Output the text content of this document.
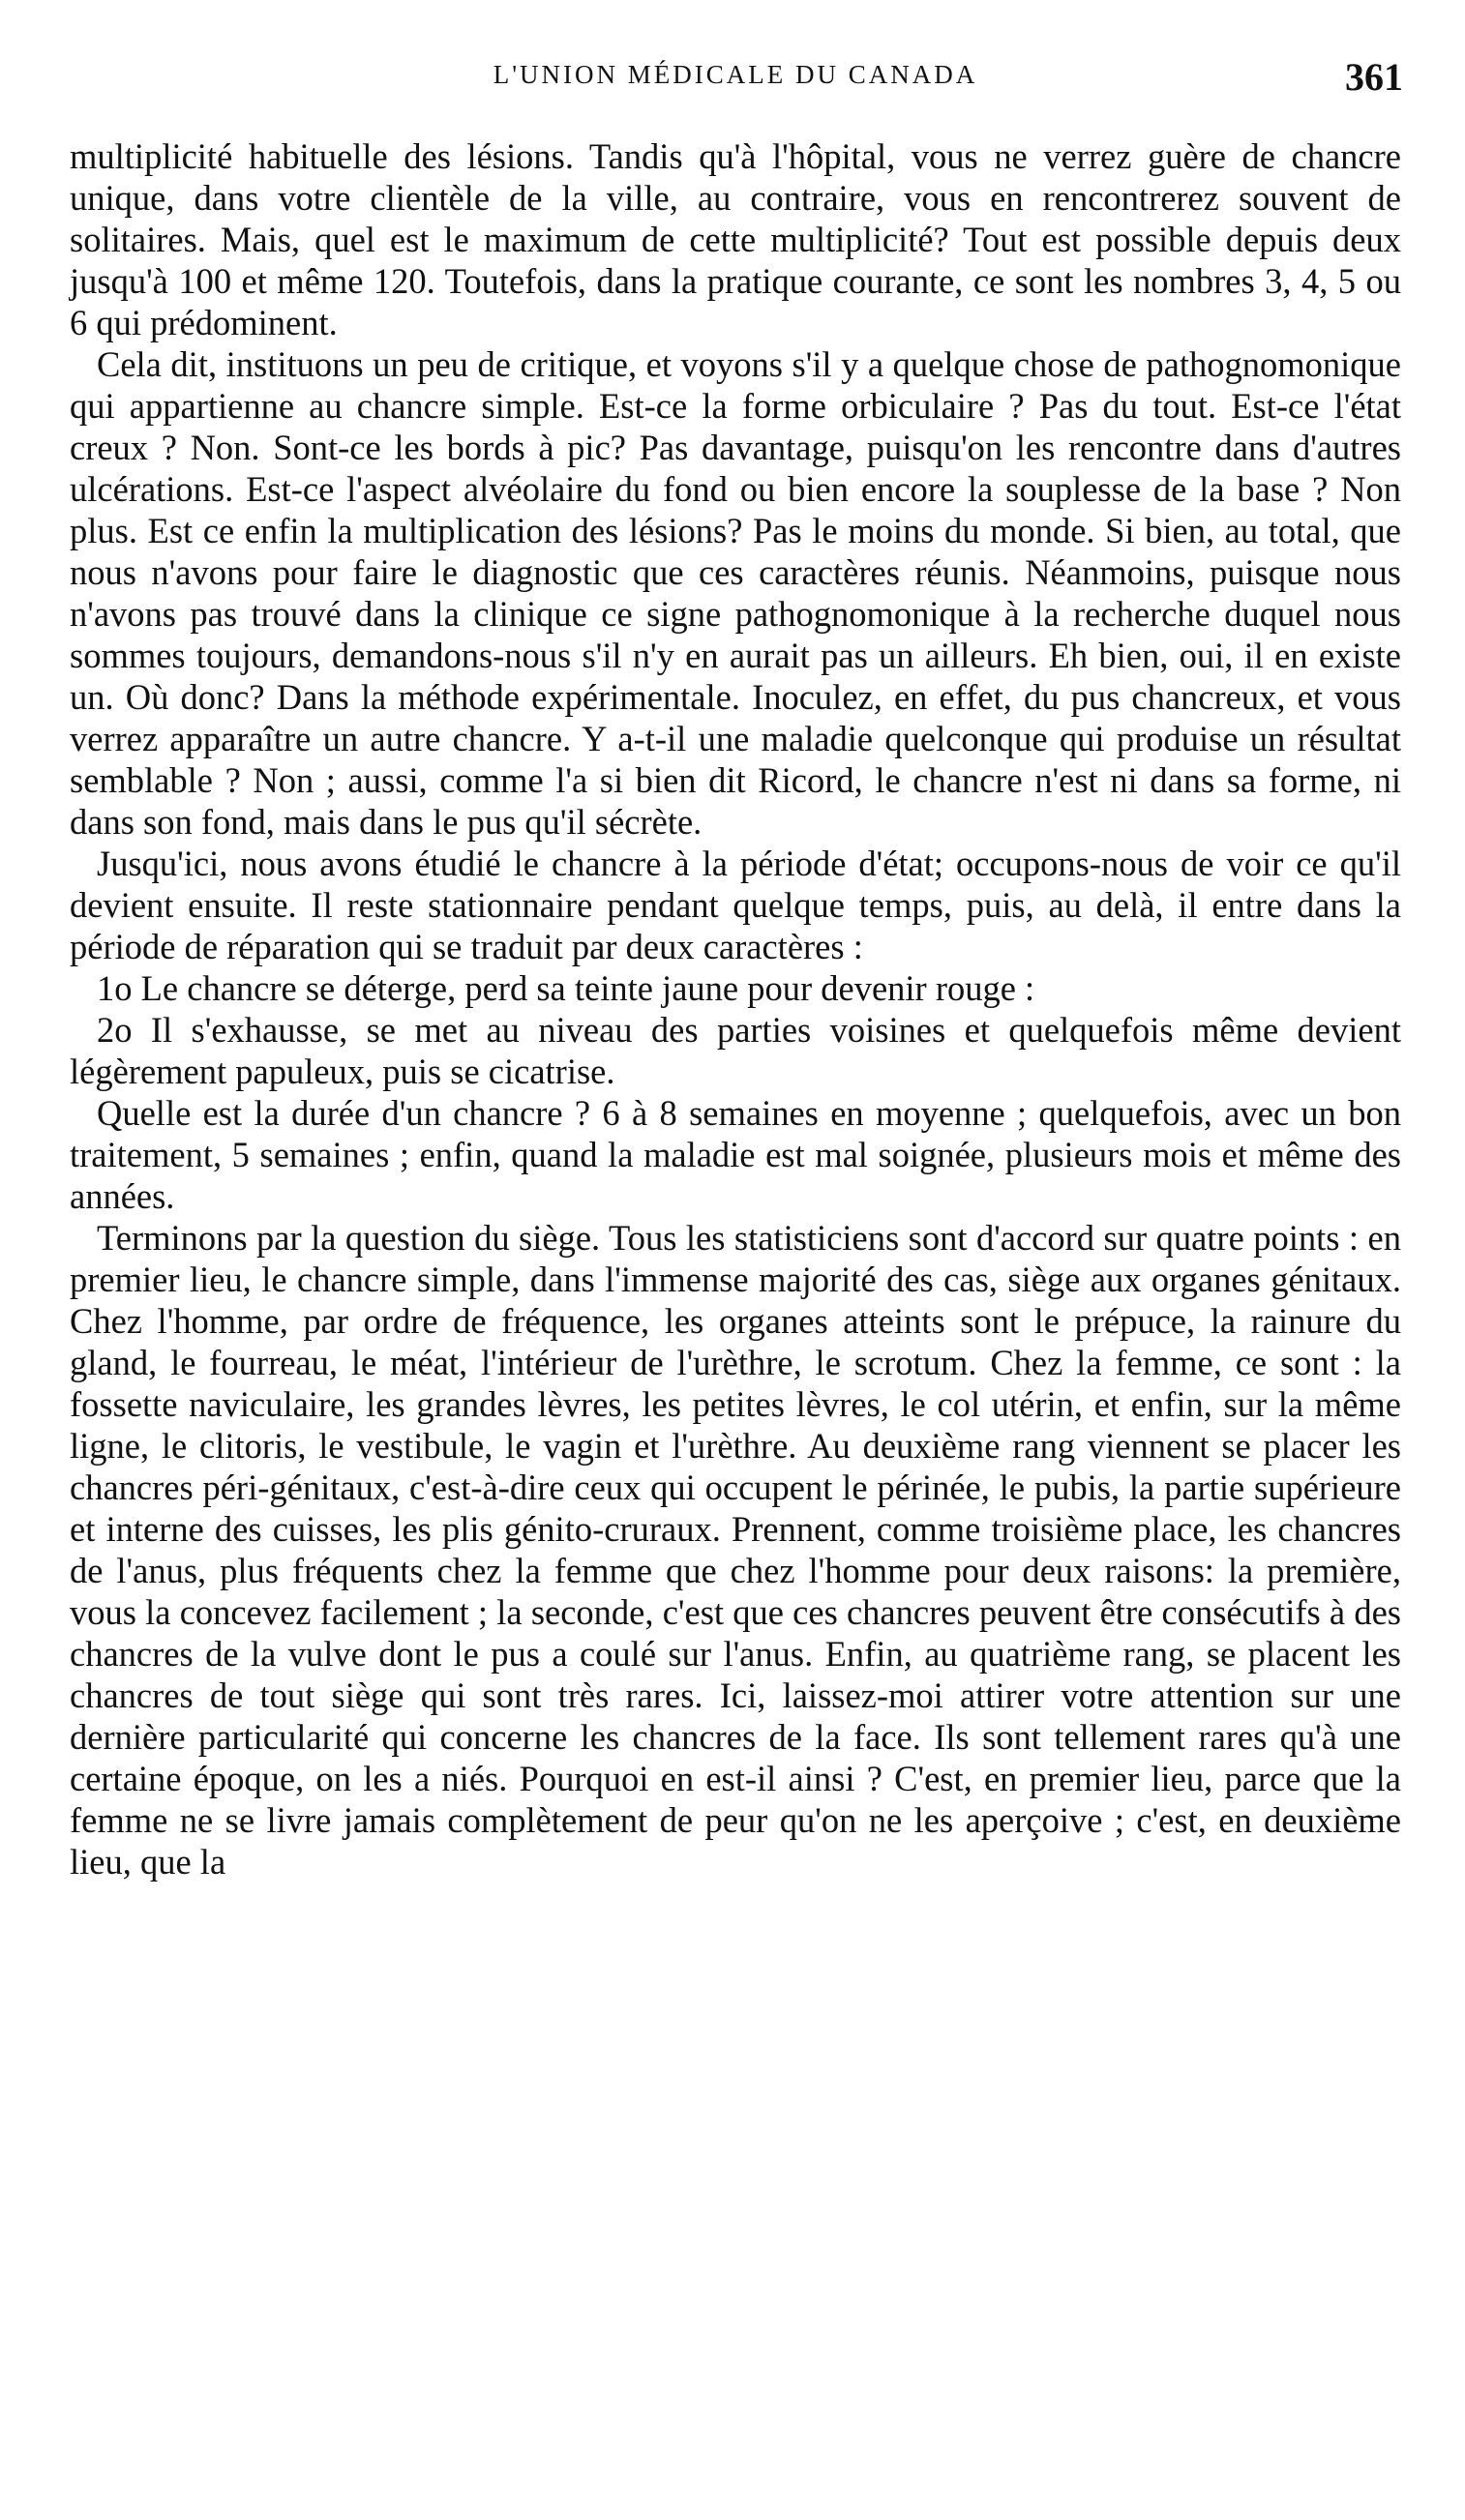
L'UNION MÉDICALE DU CANADA	361

multiplicité habituelle des lésions. Tandis qu'à l'hôpital, vous ne verrez guère de chancre unique, dans votre clientèle de la ville, au contraire, vous en rencontrerez souvent de solitaires. Mais, quel est le maximum de cette multiplicité? Tout est possible depuis deux jusqu'à 100 et même 120. Toutefois, dans la pratique courante, ce sont les nombres 3, 4, 5 ou 6 qui prédominent.

Cela dit, instituons un peu de critique, et voyons s'il y a quelque chose de pathognomonique qui appartienne au chancre simple. Est-ce la forme orbiculaire ? Pas du tout. Est-ce l'état creux ? Non. Sont-ce les bords à pic? Pas davantage, puisqu'on les rencontre dans d'autres ulcérations. Est-ce l'aspect alvéolaire du fond ou bien encore la souplesse de la base ? Non plus. Est ce enfin la multiplication des lésions? Pas le moins du monde. Si bien, au total, que nous n'avons pour faire le diagnostic que ces caractères réunis. Néanmoins, puisque nous n'avons pas trouvé dans la clinique ce signe pathognomonique à la recherche duquel nous sommes toujours, demandons-nous s'il n'y en aurait pas un ailleurs. Eh bien, oui, il en existe un. Où donc? Dans la méthode expérimentale. Inoculez, en effet, du pus chancreux, et vous verrez apparaître un autre chancre. Y a-t-il une maladie quelconque qui produise un résultat semblable ? Non ; aussi, comme l'a si bien dit Ricord, le chancre n'est ni dans sa forme, ni dans son fond, mais dans le pus qu'il sécrète.

Jusqu'ici, nous avons étudié le chancre à la période d'état; occupons-nous de voir ce qu'il devient ensuite. Il reste stationnaire pendant quelque temps, puis, au delà, il entre dans la période de réparation qui se traduit par deux caractères :

1o Le chancre se déterge, perd sa teinte jaune pour devenir rouge :

2o Il s'exhausse, se met au niveau des parties voisines et quelquefois même devient légèrement papuleux, puis se cicatrise.

Quelle est la durée d'un chancre ? 6 à 8 semaines en moyenne ; quelquefois, avec un bon traitement, 5 semaines ; enfin, quand la maladie est mal soignée, plusieurs mois et même des années.

Terminons par la question du siège. Tous les statisticiens sont d'accord sur quatre points : en premier lieu, le chancre simple, dans l'immense majorité des cas, siège aux organes génitaux. Chez l'homme, par ordre de fréquence, les organes atteints sont le prépuce, la rainure du gland, le fourreau, le méat, l'intérieur de l'urèthre, le scrotum. Chez la femme, ce sont : la fossette naviculaire, les grandes lèvres, les petites lèvres, le col utérin, et enfin, sur la même ligne, le clitoris, le vestibule, le vagin et l'urèthre. Au deuxième rang viennent se placer les chancres péri-génitaux, c'est-à-dire ceux qui occupent le périnée, le pubis, la partie supérieure et interne des cuisses, les plis génito-cruraux. Prennent, comme troisième place, les chancres de l'anus, plus fréquents chez la femme que chez l'homme pour deux raisons: la première, vous la concevez facilement ; la seconde, c'est que ces chancres peuvent être consécutifs à des chancres de la vulve dont le pus a coulé sur l'anus. Enfin, au quatrième rang, se placent les chancres de tout siège qui sont très rares. Ici, laissez-moi attirer votre attention sur une dernière particularité qui concerne les chancres de la face. Ils sont tellement rares qu'à une certaine époque, on les a niés. Pourquoi en est-il ainsi ? C'est, en premier lieu, parce que la femme ne se livre jamais complètement de peur qu'on ne les aperçoive ; c'est, en deuxième lieu, que la
